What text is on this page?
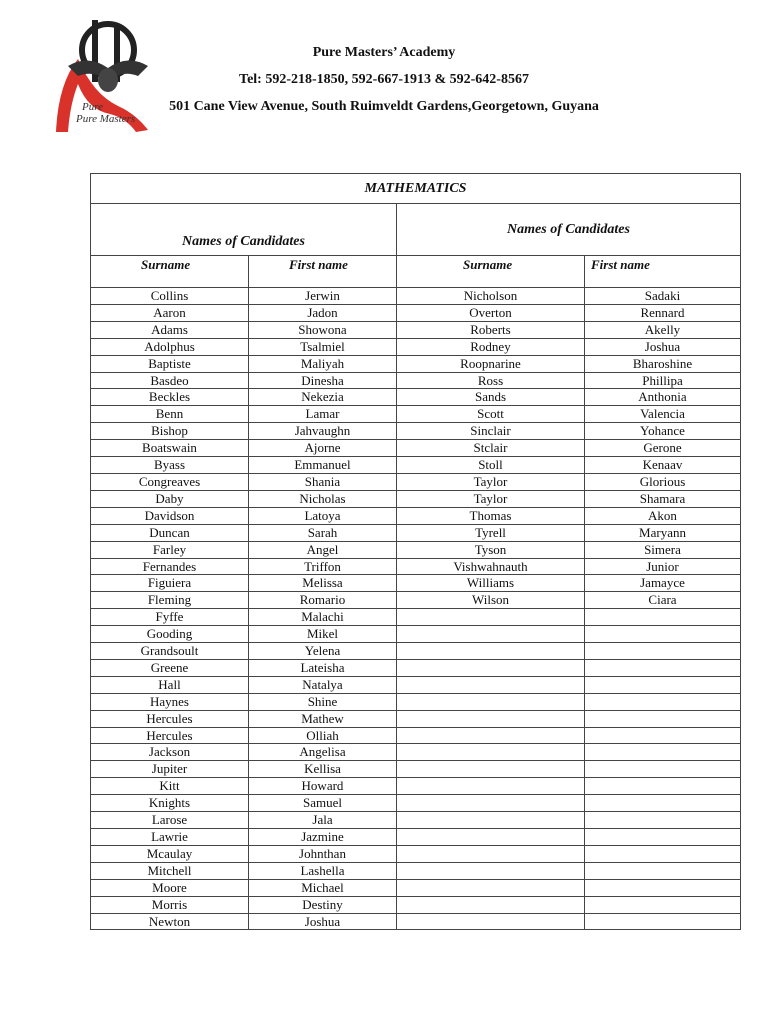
Pure
Pure Masters
Pure Masters’ Academy
Tel: 592-218-1850, 592-667-1913 & 592-642-8567
501 Cane View Avenue, South Ruimveldt Gardens,Georgetown, Guyana
MATHEMATICS			
Names of Candidates		Names of Candidates	
Surname	First name	Surname	First name
Collins	Jerwin	Nicholson	Sadaki
Aaron	Jadon	Overton	Rennard
Adams	Showona	Roberts	Akelly
Adolphus	Tsalmiel	Rodney	Joshua
Baptiste	Maliyah	Roopnarine	Bharoshine
Basdeo	Dinesha	Ross	Phillipa
Beckles	Nekezia	Sands	Anthonia
Benn	Lamar	Scott	Valencia
Bishop	Jahvaughn	Sinclair	Yohance
Boatswain	Ajorne	Stclair	Gerone
Byass	Emmanuel	Stoll	Kenaav
Congreaves	Shania	Taylor	Glorious
Daby	Nicholas	Taylor	Shamara
Davidson	Latoya	Thomas	Akon
Duncan	Sarah	Tyrell	Maryann
Farley	Angel	Tyson	Simera
Fernandes	Triffon	Vishwahnauth	Junior
Figuiera	Melissa	Williams	Jamayce
Fleming	Romario	Wilson	Ciara
Fyffe	Malachi		
Gooding	Mikel		
Grandsoult	Yelena		
Greene	Lateisha		
Hall	Natalya		
Haynes	Shine		
Hercules	Mathew		
Hercules	Olliah		
Jackson	Angelisa		
Jupiter	Kellisa		
Kitt	Howard		
Knights	Samuel		
Larose	Jala		
Lawrie	Jazmine		
Mcaulay	Johnthan		
Mitchell	Lashella		
Moore	Michael		
Morris	Destiny		
Newton	Joshua		
